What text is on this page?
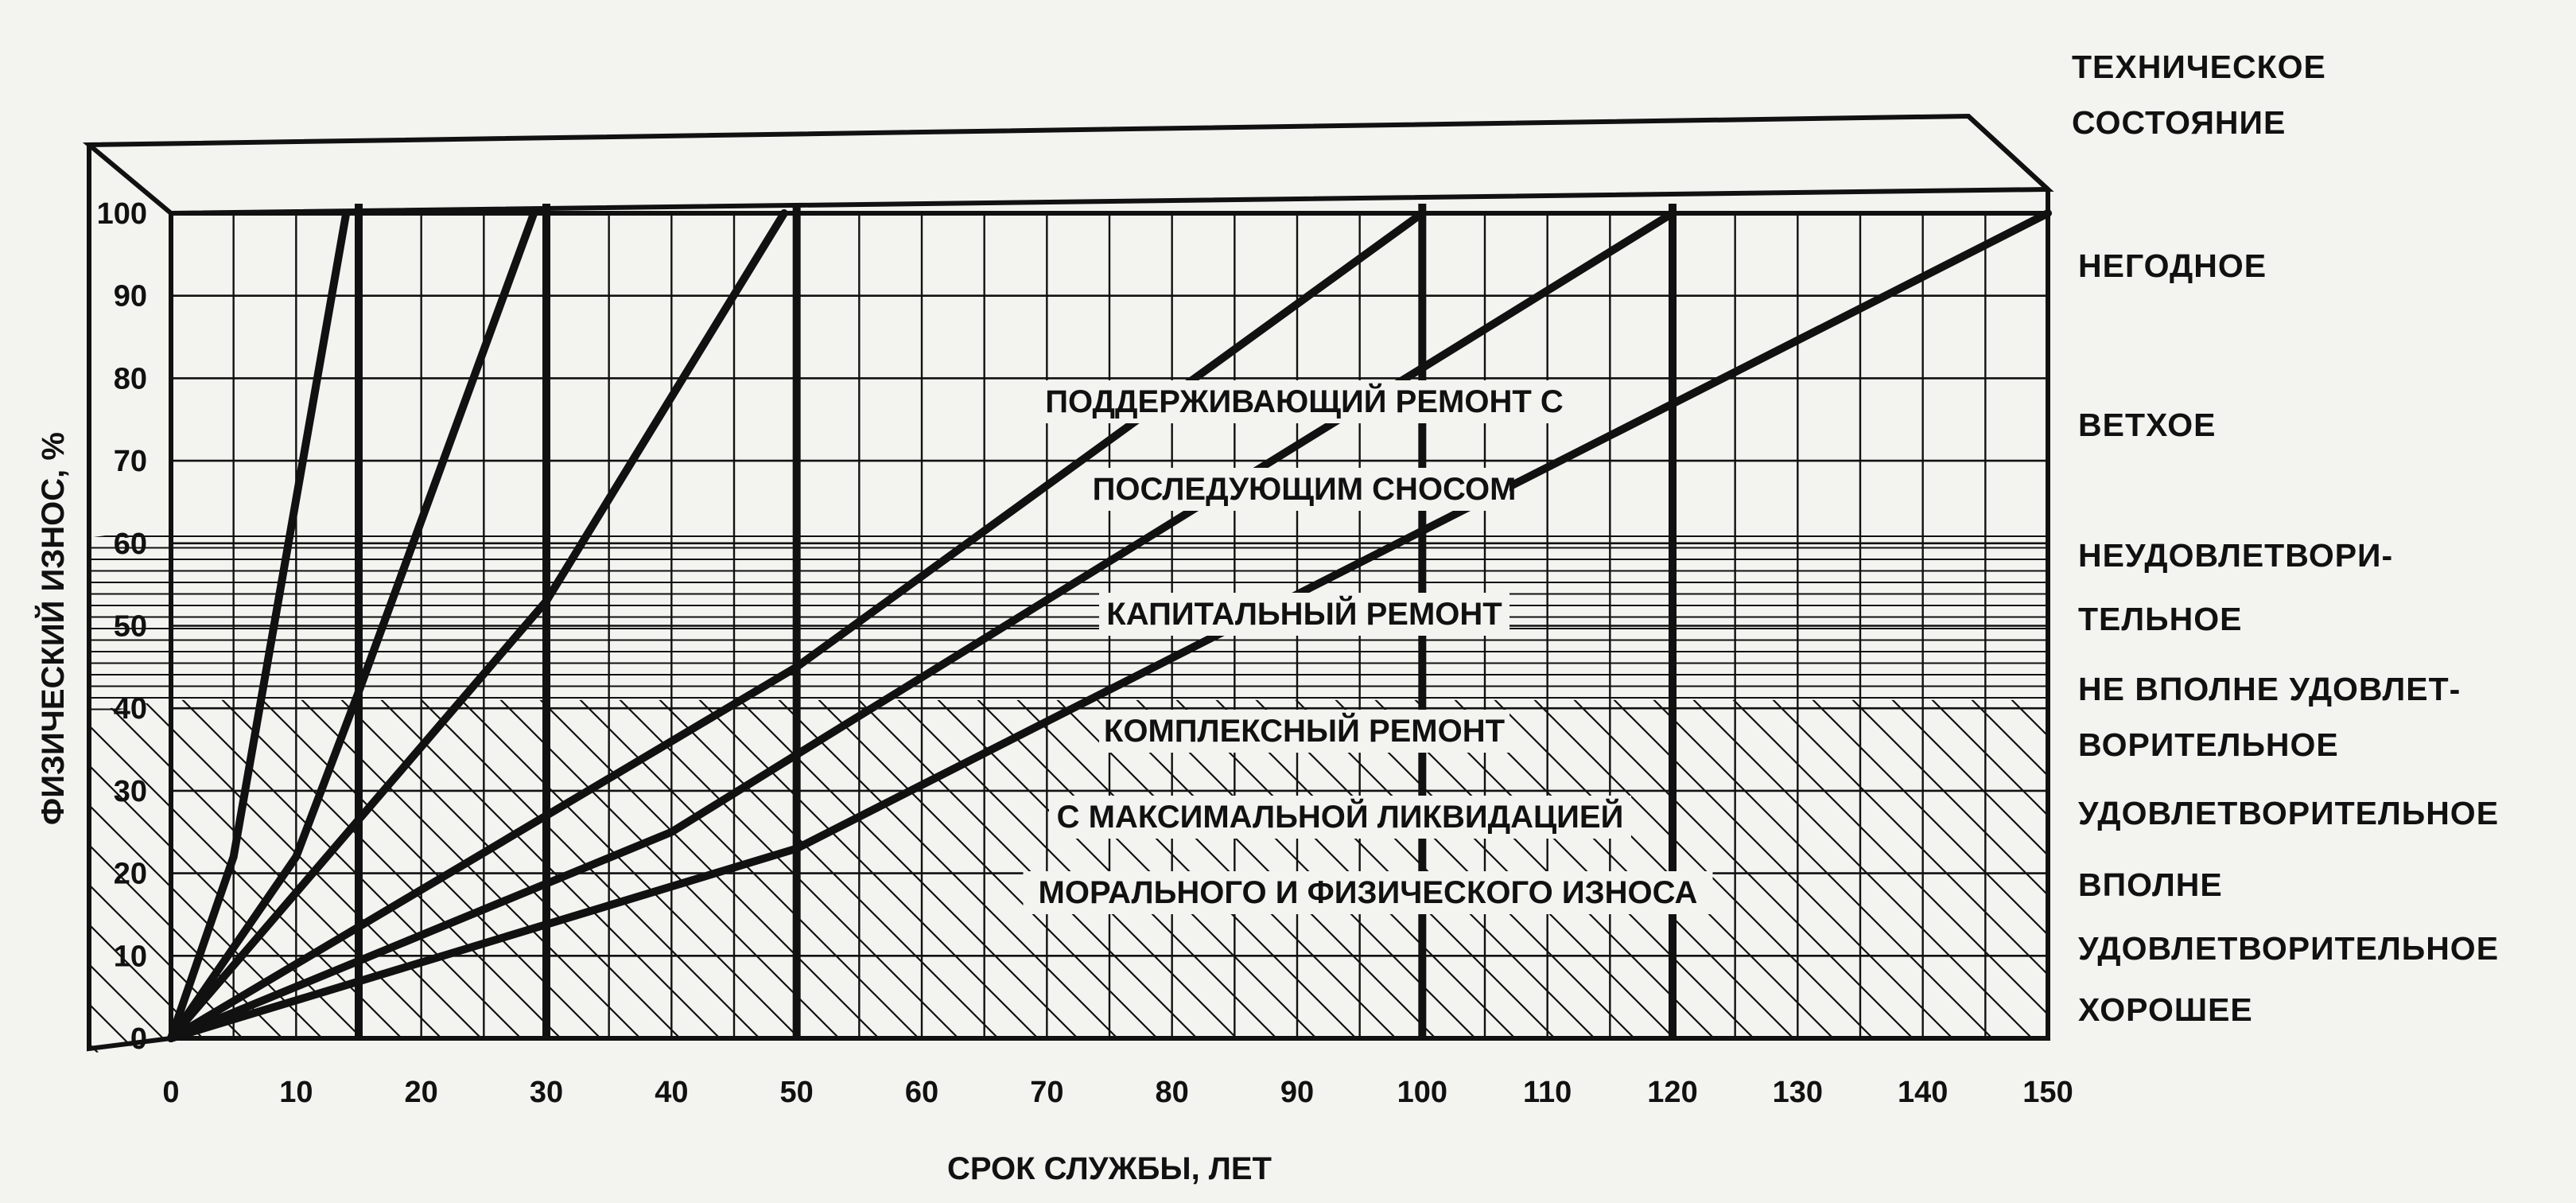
0	10	20	30	40	50	60	70	80	90	100 110 120 130 140 150
0
10
20
30
40
50
60
70
80
90
100
СРОК СЛУЖБЫ, ЛЕТ
ФИЗИЧЕСКИЙ ИЗНОС, %
ПОДДЕРЖИВАЮЩИЙ РЕМОНТ С
ПОСЛЕДУЮЩИМ СНОСОМ
КАПИТАЛЬНЫЙ РЕМОНТ
КОМПЛЕКСНЫЙ РЕМОНТ
С МАКСИМАЛЬНОЙ ЛИКВИДАЦИЕЙ
МОРАЛЬНОГО И ФИЗИЧЕСКОГО ИЗНОСА
ТЕХНИЧЕСКОЕ
СОСТОЯНИЕ
НЕГОДНОЕ
ВЕТХОЕ
НЕУДОВЛЕТВОРИ-
ТЕЛЬНОЕ
НЕ ВПОЛНЕ УДОВЛЕТ-
ВОРИТЕЛЬНОЕ
УДОВЛЕТВОРИТЕЛЬНОЕ
ВПОЛНЕ
УДОВЛЕТВОРИТЕЛЬНОЕ
ХОРОШЕЕ
